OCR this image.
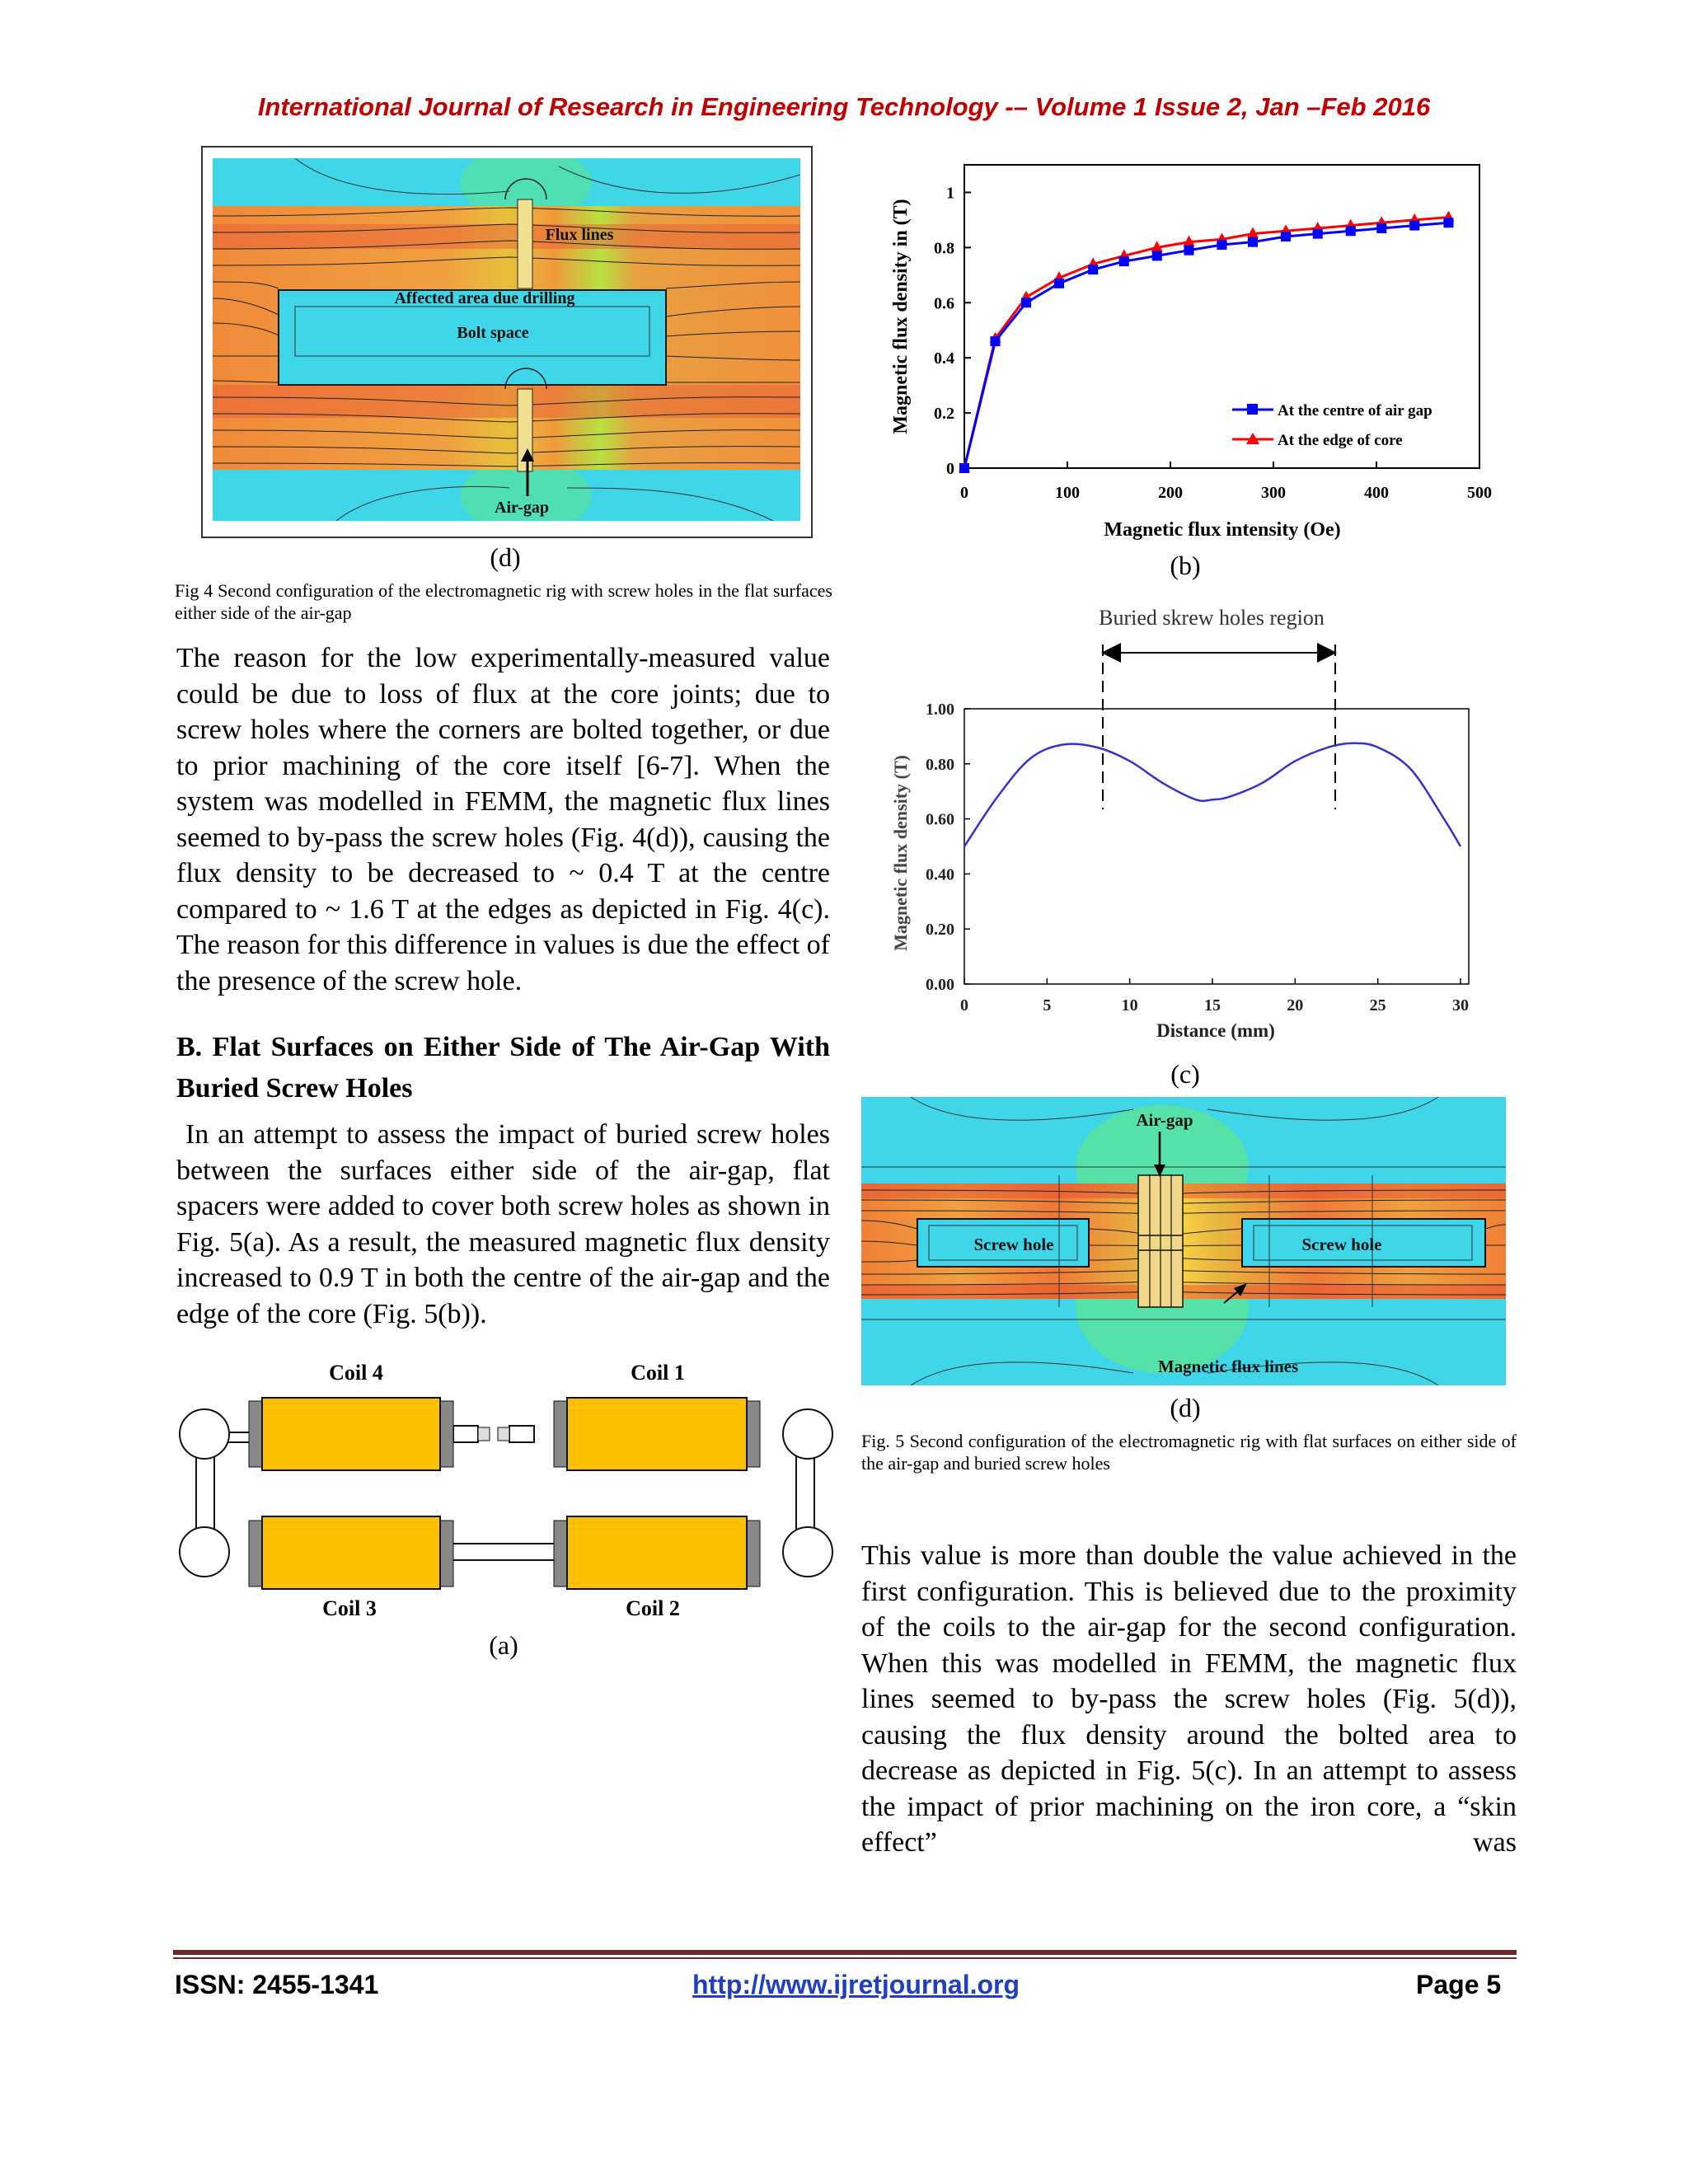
International Journal of Research in Engineering Technology -– Volume 1 Issue 2, Jan –Feb 2016
Flux lines
Affected area due drilling
Bolt space
Air-gap
(d)
Fig 4 Second configuration of the electromagnetic rig with screw holes in the flat surfaces either side of the air-gap
The reason for the low experimentally-measured value could be due to loss of flux at the core joints; due to screw holes where the corners are bolted together, or due to prior machining of the core itself [6-7]. When the system was modelled in FEMM, the magnetic flux lines seemed to by-pass the screw holes (Fig. 4(d)), causing the flux density to be decreased to ~ 0.4 T at the centre compared to ~ 1.6 T at the edges as depicted in Fig. 4(c). The reason for this difference in values is due the effect of the presence of the screw hole.
B. Flat Surfaces on Either Side of The Air-Gap With Buried Screw Holes
In an attempt to assess the impact of buried screw holes between the surfaces either side of the air-gap, flat spacers were added to cover both screw holes as shown in Fig. 5(a). As a result, the measured magnetic flux density increased to 0.9 T in both the centre of the air-gap and the edge of the core (Fig. 5(b)).
Coil 4	Coil 1
Coil 3	Coil 2
(a)
0	100	200	300	400	500
0
0.2
0.4
0.6
0.8
1
Magnetic flux intensity (Oe)
Magnetic flux density in (T)	At the centre of air gap
At the edge of core
(b)
Buried skrew holes region
0	5	10	15	20	25	30
0.00
0.20
0.40
0.60
0.80
1.00
Distance (mm)
Magnetic flux density (T)
(c)
Air-gap
Screw hole	Screw hole
Magnetic flux lines
(d)
Fig. 5 Second configuration of the electromagnetic rig with flat surfaces on either side of the air-gap and buried screw holes
This value is more than double the value achieved in the first configuration. This is believed due to the proximity of the coils to the air-gap for the second configuration. When this was modelled in FEMM, the magnetic flux lines seemed to by-pass the screw holes (Fig. 5(d)), causing the flux density around the bolted area to decrease as depicted in Fig. 5(c). In an attempt to assess the impact of prior machining on the iron core, a “skin effect” was
ISSN: 2455-1341	http://www.ijretjournal.org	Page 5
